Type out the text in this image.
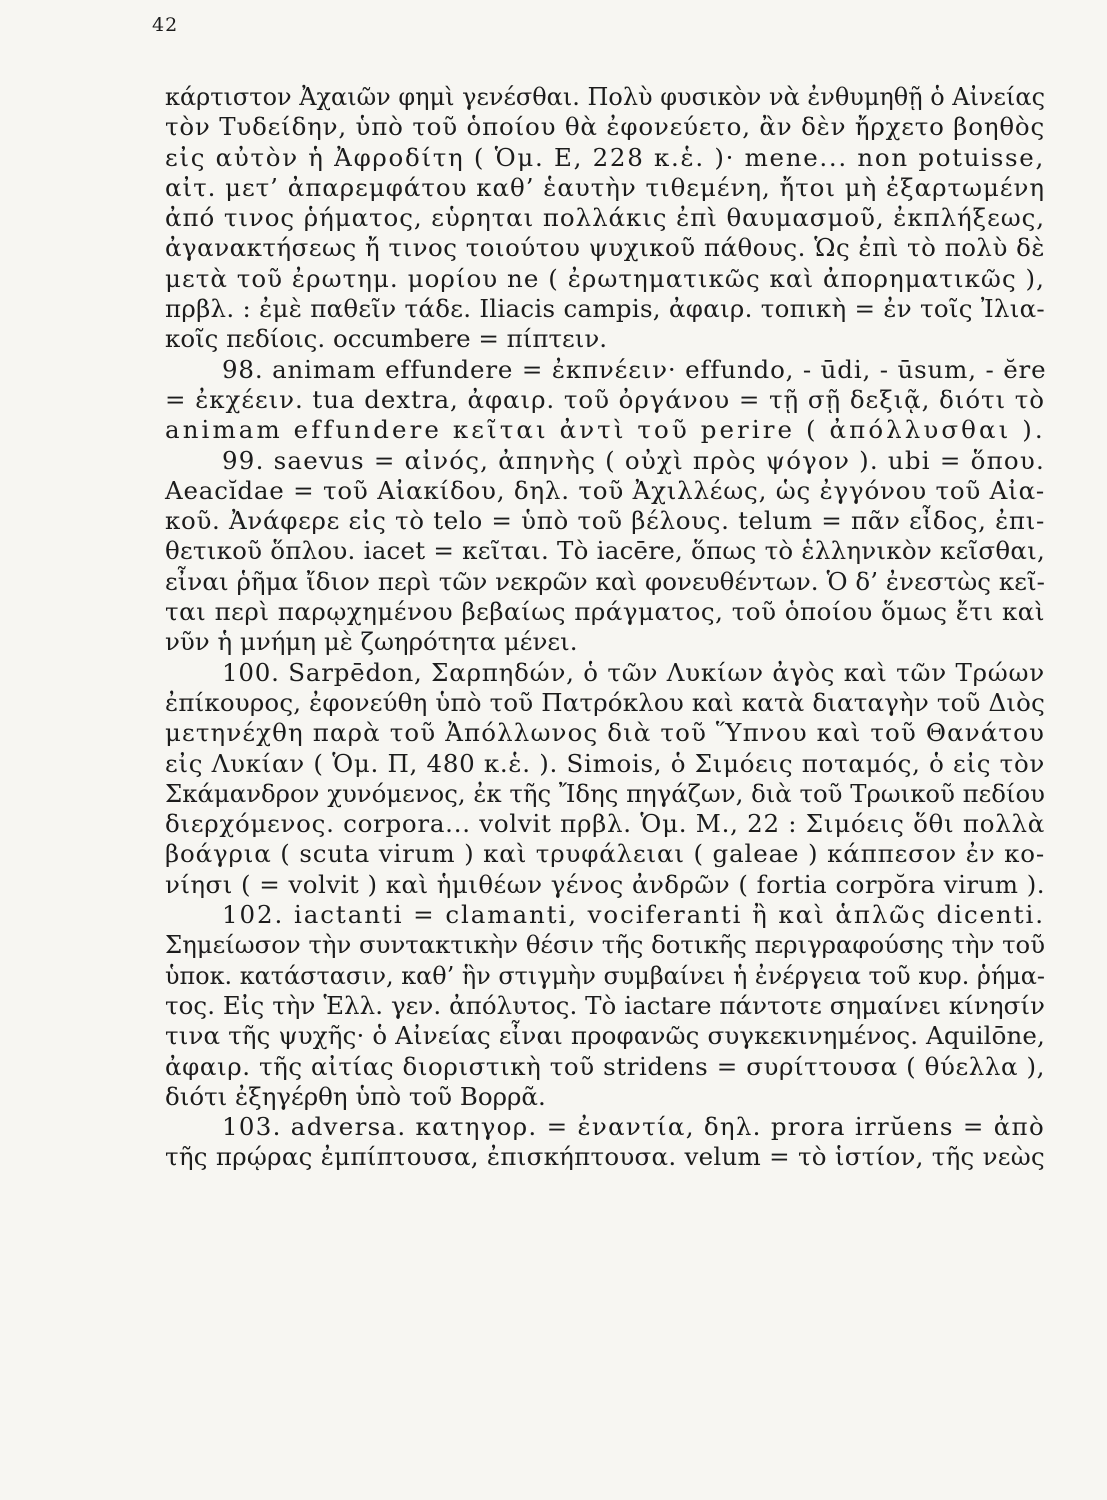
42
κάρτιστον Ἀχαιῶν φημὶ γενέσθαι. Πολὺ φυσικὸν νὰ ἐνθυμηθῇ ὁ Αἰνείας
τὸν Τυδείδην, ὑπὸ τοῦ ὁποίου θὰ ἐφονεύετο, ἂν δὲν ἤρχετο βοηθὸς
εἰς αὐτὸν ἡ Ἀφροδίτη ( Ὁμ. Ε, 228 κ.ἑ. )· mene... non potuisse,
αἰτ. μετ’ ἀπαρεμφάτου καθ’ ἑαυτὴν τιθεμένη, ἤτοι μὴ ἐξαρτωμένη
ἀπό τινος ῥήματος, εὑρηται πολλάκις ἐπὶ θαυμασμοῦ, ἐκπλήξεως,
ἀγανακτήσεως ἤ τινος τοιούτου ψυχικοῦ πάθους. Ὡς ἐπὶ τὸ πολὺ δὲ
μετὰ τοῦ ἐρωτημ. μορίου ne ( ἐρωτηματικῶς καὶ ἀπορηματικῶς ),
πρβλ. : ἐμὲ παθεῖν τάδε. Iliacis campis, ἀφαιρ. τοπικὴ = ἐν τοῖς Ἰλια-
κοῖς πεδίοις. occumbere = πίπτειν.
98. animam effundere = ἐκπνέειν· effundo, - ūdi, - ūsum, - ĕre
= ἐκχέειν. tua dextra, ἀφαιρ. τοῦ ὀργάνου = τῇ σῇ δεξιᾷ, διότι τὸ
animam effundere κεῖται ἀντὶ τοῦ perire ( ἀπόλλυσθαι ).
99. saevus = αἰνός, ἀπηνὴς ( οὐχὶ πρὸς ψόγον ). ubi = ὅπου.
Aeacĭdae = τοῦ Αἰακίδου, δηλ. τοῦ Ἀχιλλέως, ὡς ἐγγόνου τοῦ Αἰα-
κοῦ. Ἀνάφερε εἰς τὸ telo = ὑπὸ τοῦ βέλους. telum = πᾶν εἶδος, ἐπι-
θετικοῦ ὅπλου. iacet = κεῖται. Τὸ iacēre, ὅπως τὸ ἑλληνικὸν κεῖσθαι,
εἶναι ῥῆμα ἴδιον περὶ τῶν νεκρῶν καὶ φονευθέντων. Ὁ δ’ ἐνεστὼς κεῖ-
ται περὶ παρῳχημένου βεβαίως πράγματος, τοῦ ὁποίου ὅμως ἔτι καὶ
νῦν ἡ μνήμη μὲ ζωηρότητα μένει.
100. Sarpēdon, Σαρπηδών, ὁ τῶν Λυκίων ἀγὸς καὶ τῶν Τρώων
ἐπίκουρος, ἐφονεύθη ὑπὸ τοῦ Πατρόκλου καὶ κατὰ διαταγὴν τοῦ Διὸς
μετηνέχθη παρὰ τοῦ Ἀπόλλωνος διὰ τοῦ Ὕπνου καὶ τοῦ Θανάτου
εἰς Λυκίαν ( Ὁμ. Π, 480 κ.ἑ. ). Simois, ὁ Σιμόεις ποταμός, ὁ εἰς τὸν
Σκάμανδρον χυνόμενος, ἐκ τῆς Ἴδης πηγάζων, διὰ τοῦ Τρωικοῦ πεδίου
διερχόμενος. corpora... volvit πρβλ. Ὁμ. Μ., 22 : Σιμόεις ὅθι πολλὰ
βοάγρια ( scuta virum ) καὶ τρυφάλειαι ( galeae ) κάππεσον ἐν κο-
νίησι ( = volvit ) καὶ ἡμιθέων γένος ἀνδρῶν ( fortia corpŏra virum ).
102. iactanti = clamanti, vociferanti ἢ καὶ ἁπλῶς dicenti.
Σημείωσον τὴν συντακτικὴν θέσιν τῆς δοτικῆς περιγραφούσης τὴν τοῦ
ὑποκ. κατάστασιν, καθ’ ἣν στιγμὴν συμβαίνει ἡ ἐνέργεια τοῦ κυρ. ῥήμα-
τος. Εἰς τὴν Ἑλλ. γεν. ἀπόλυτος. Τὸ iactare πάντοτε σημαίνει κίνησίν
τινα τῆς ψυχῆς· ὁ Αἰνείας εἶναι προφανῶς συγκεκινημένος. Aquilōne,
ἀφαιρ. τῆς αἰτίας διοριστικὴ τοῦ stridens = συρίττουσα ( θύελλα ),
διότι ἐξηγέρθη ὑπὸ τοῦ Βορρᾶ.
103. adversa. κατηγορ. = ἐναντία, δηλ. prora irrŭens = ἀπὸ
τῆς πρῴρας ἐμπίπτουσα, ἐπισκήπτουσα. velum = τὸ ἱστίον, τῆς νεὼς
